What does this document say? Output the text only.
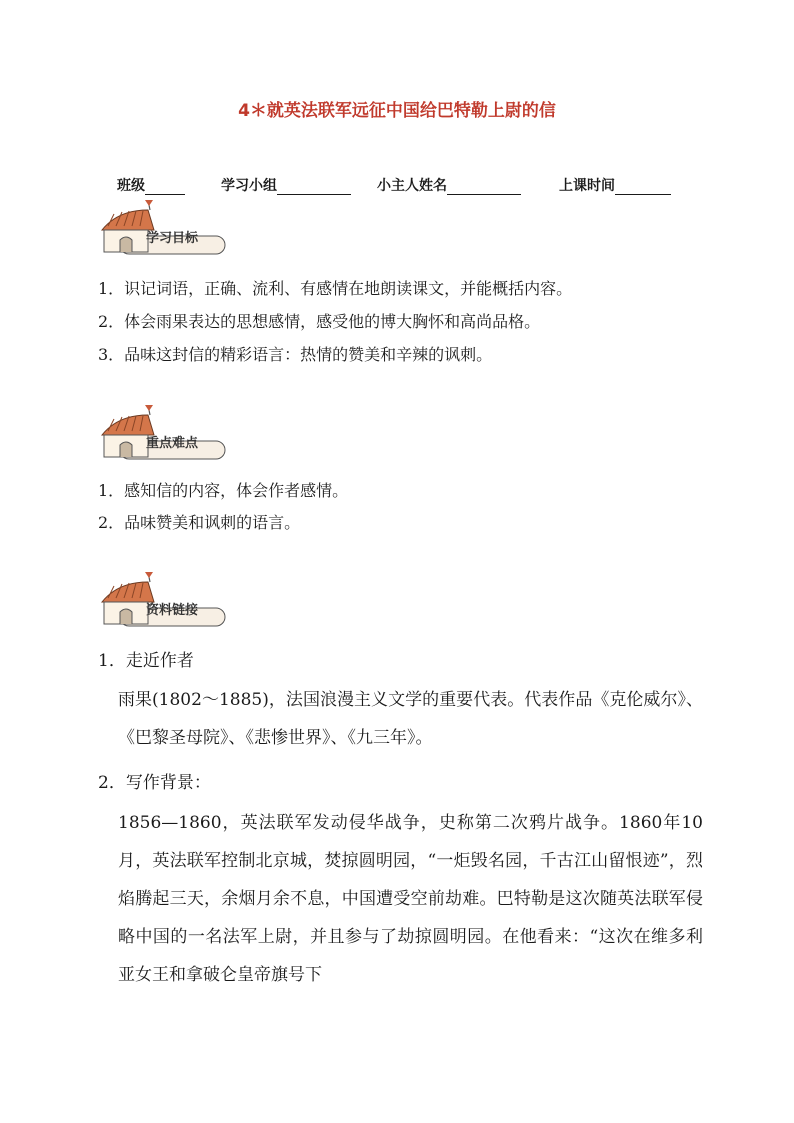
4＊就英法联军远征中国给巴特勒上尉的信
班级	学习小组	小主人姓名	上课时间
学习目标
1．识记词语，正确、流利、有感情在地朗读课文，并能概括内容。
2．体会雨果表达的思想感情，感受他的博大胸怀和高尚品格。
3．品味这封信的精彩语言：热情的赞美和辛辣的讽刺。
重点难点
1．感知信的内容，体会作者感情。
2．品味赞美和讽刺的语言。
资料链接
1．走近作者
雨果(1802～1885)，法国浪漫主义文学的重要代表。代表作品《克伦威尔》、《巴黎圣母院》、《悲惨世界》、《九三年》。
2．写作背景：
1856—1860，英法联军发动侵华战争，史称第二次鸦片战争。1860年10月，英法联军控制北京城，焚掠圆明园，“一炬毁名园，千古江山留恨迹”，烈焰腾起三天，余烟月余不息，中国遭受空前劫难。巴特勒是这次随英法联军侵略中国的一名法军上尉，并且参与了劫掠圆明园。在他看来：“这次在维多利亚女王和拿破仑皇帝旗号下
